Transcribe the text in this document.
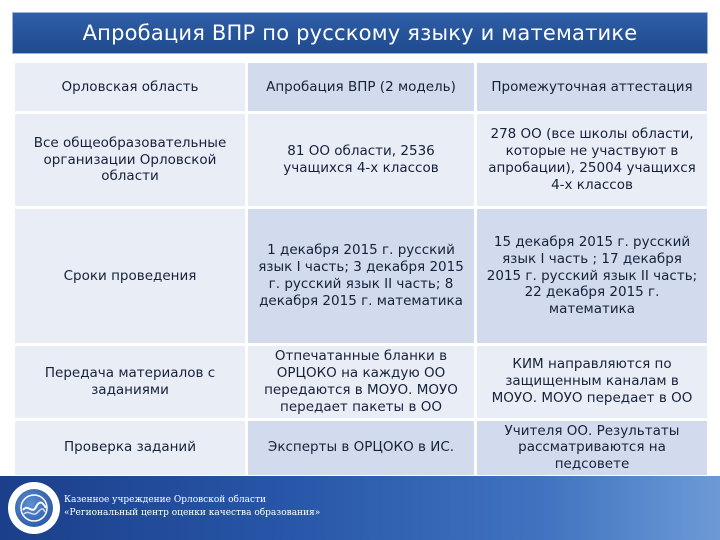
Апробация ВПР по русскому языку и математике
Орловская область	Апробация ВПР (2 модель)	Промежуточная аттестация
Все общеобразовательные организации Орловской области	81 ОО области, 2536 учащихся 4-х классов	278 ОО (все школы области, которые не участвуют в апробации), 25004 учащихся 4-х классов
Сроки проведения	1 декабря 2015 г. русский язык I часть; 3 декабря 2015 г. русский язык II часть; 8 декабря 2015 г. математика	15 декабря 2015 г. русский язык I часть ; 17 декабря 2015 г. русский язык II часть; 22 декабря 2015 г. математика
Передача материалов с заданиями	Отпечатанные бланки в ОРЦОКО на каждую ОО передаются в МОУО. МОУО передает пакеты в ОО	КИМ направляются по защищенным каналам в МОУО. МОУО передает в ОО
Проверка заданий	Эксперты в ОРЦОКО в ИС.	Учителя ОО. Результаты рассматриваются на педсовете
Казенное учреждение Орловской области
«Региональный центр оценки качества образования»
